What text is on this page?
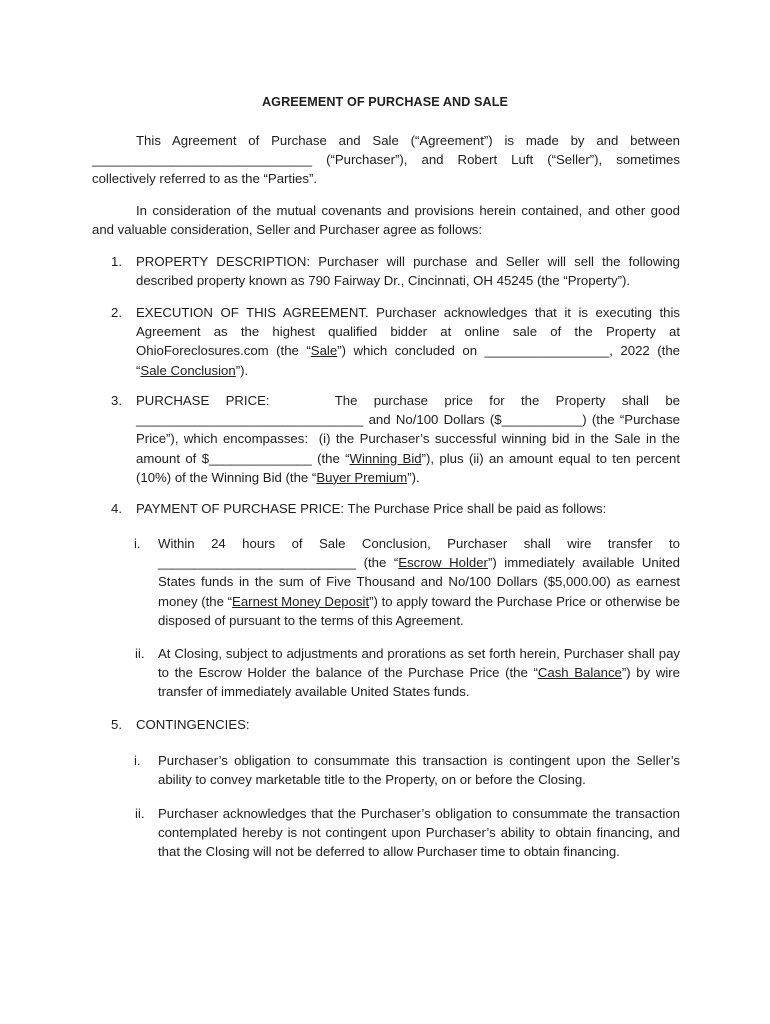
AGREEMENT OF PURCHASE AND SALE
This Agreement of Purchase and Sale (“Agreement”) is made by and between ______________________________ (“Purchaser”), and Robert Luft (“Seller”), sometimes collectively referred to as the “Parties”.
In consideration of the mutual covenants and provisions herein contained, and other good and valuable consideration, Seller and Purchaser agree as follows:
1.	PROPERTY DESCRIPTION: Purchaser will purchase and Seller will sell the following described property known as 790 Fairway Dr., Cincinnati, OH 45245 (the “Property”).
2.	EXECUTION OF THIS AGREEMENT. Purchaser acknowledges that it is executing this Agreement as the highest qualified bidder at online sale of the Property at OhioForeclosures.com (the “Sale”) which concluded on _________________, 2022 (the “Sale Conclusion”).
3.	PURCHASE  PRICE:        The  purchase  price  for  the  Property  shall  be _______________________________ and No/100 Dollars ($___________) (the “Purchase Price”), which encompasses:  (i) the Purchaser’s successful winning bid in the Sale in the amount of $______________ (the “Winning Bid”), plus (ii) an amount equal to ten percent (10%) of the Winning Bid (the “Buyer Premium”).
4.	PAYMENT OF PURCHASE PRICE: The Purchase Price shall be paid as follows:
i.	Within 24 hours of Sale Conclusion, Purchaser shall wire transfer to ___________________________ (the “Escrow Holder”) immediately available United States funds in the sum of Five Thousand and No/100 Dollars ($5,000.00) as earnest money (the “Earnest Money Deposit”) to apply toward the Purchase Price or otherwise be disposed of pursuant to the terms of this Agreement.
ii.	At Closing, subject to adjustments and prorations as set forth herein, Purchaser shall pay to the Escrow Holder the balance of the Purchase Price (the “Cash Balance”) by wire transfer of immediately available United States funds.
5.	CONTINGENCIES:
i.	Purchaser’s obligation to consummate this transaction is contingent upon the Seller’s ability to convey marketable title to the Property, on or before the Closing.
ii.	Purchaser acknowledges that the Purchaser’s obligation to consummate the transaction contemplated hereby is not contingent upon Purchaser’s ability to obtain financing, and that the Closing will not be deferred to allow Purchaser time to obtain financing.
